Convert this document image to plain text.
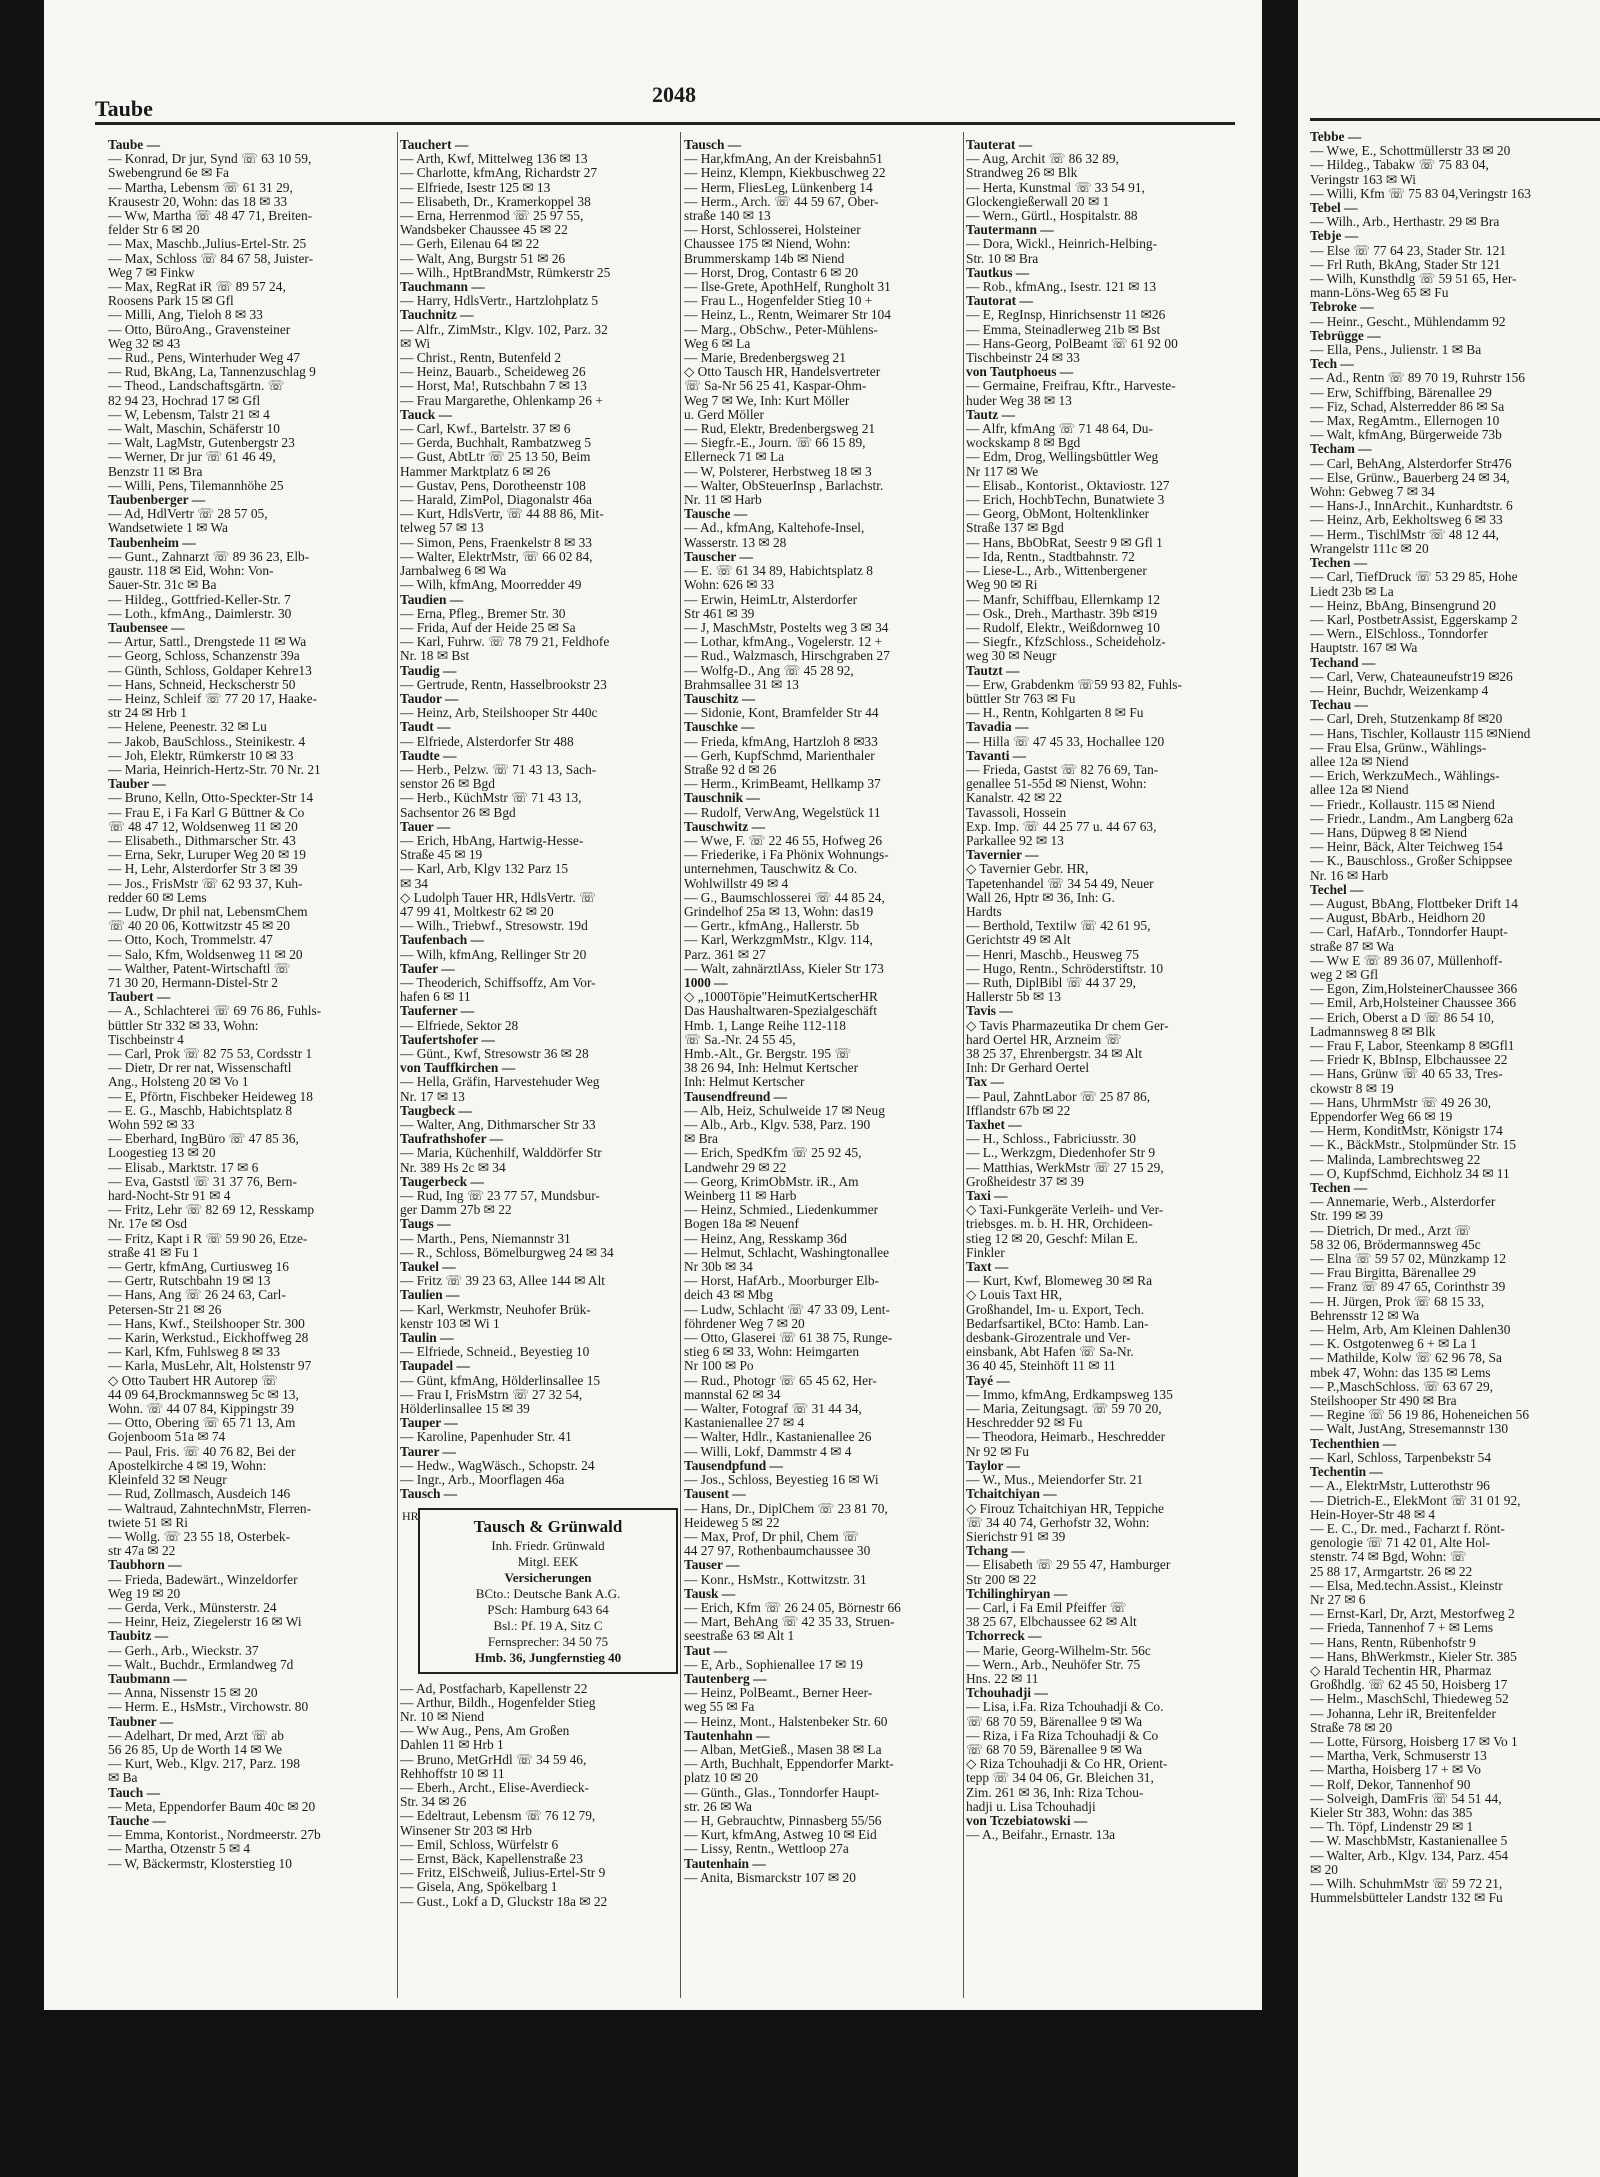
Taube
2048
Taube —
— Konrad, Dr jur, Synd ☏ 63 10 59,
Swebengrund 6e ✉ Fa
— Martha, Lebensm ☏ 61 31 29,
Krausestr 20, Wohn: das 18 ✉ 33
— Ww, Martha ☏ 48 47 71, Breiten-
felder Str 6 ✉ 20
— Max, Maschb.,Julius-Ertel-Str. 25
— Max, Schloss ☏ 84 67 58, Juister-
Weg 7 ✉ Finkw
— Max, RegRat iR ☏ 89 57 24,
Roosens Park 15 ✉ Gfl
— Milli, Ang, Tieloh 8 ✉ 33
— Otto, BüroAng., Gravensteiner
Weg 32 ✉ 43
— Rud., Pens, Winterhuder Weg 47
— Rud, BkAng, La, Tannenzuschlag 9
— Theod., Landschaftsgärtn. ☏
82 94 23, Hochrad 17 ✉ Gfl
— W, Lebensm, Talstr 21 ✉ 4
— Walt, Maschin, Schäferstr 10
— Walt, LagMstr, Gutenbergstr 23
— Werner, Dr jur ☏ 61 46 49,
Benzstr 11 ✉ Bra
— Willi, Pens, Tilemannhöhe 25
Taubenberger —
— Ad, HdlVertr ☏ 28 57 05,
Wandsetwiete 1 ✉ Wa
Taubenheim —
— Gunt., Zahnarzt ☏ 89 36 23, Elb-
gaustr. 118 ✉ Eid, Wohn: Von-
Sauer-Str. 31c ✉ Ba
— Hildeg., Gottfried-Keller-Str. 7
— Loth., kfmAng., Daimlerstr. 30
Taubensee —
— Artur, Sattl., Drengstede 11 ✉ Wa
— Georg, Schloss, Schanzenstr 39a
— Günth, Schloss, Goldaper Kehre13
— Hans, Schneid, Heckscherstr 50
— Heinz, Schleif ☏ 77 20 17, Haake-
str 24 ✉ Hrb 1
— Helene, Peenestr. 32 ✉ Lu
— Jakob, BauSchloss., Steinikestr. 4
— Joh, Elektr, Rümkerstr 10 ✉ 33
— Maria, Heinrich-Hertz-Str. 70 Nr. 21
Tauber —
— Bruno, Kelln, Otto-Speckter-Str 14
— Frau E, i Fa Karl G Büttner & Co
☏ 48 47 12, Woldsenweg 11 ✉ 20
— Elisabeth., Dithmarscher Str. 43
— Erna, Sekr, Luruper Weg 20 ✉ 19
— H, Lehr, Alsterdorfer Str 3 ✉ 39
— Jos., FrisMstr ☏ 62 93 37, Kuh-
redder 60 ✉ Lems
— Ludw, Dr phil nat, LebensmChem
☏ 40 20 06, Kottwitzstr 45 ✉ 20
— Otto, Koch, Trommelstr. 47
— Salo, Kfm, Woldsenweg 11 ✉ 20
— Walther, Patent-Wirtschaftl ☏
71 30 20, Hermann-Distel-Str 2
Taubert —
— A., Schlachterei ☏ 69 76 86, Fuhls-
büttler Str 332 ✉ 33, Wohn:
Tischbeinstr 4
— Carl, Prok ☏ 82 75 53, Cordsstr 1
— Dietr, Dr rer nat, Wissenschaftl
Ang., Holsteng 20 ✉ Vo 1
— E, Pförtn, Fischbeker Heideweg 18
— E. G., Maschb, Habichtsplatz 8
Wohn 592 ✉ 33
— Eberhard, IngBüro ☏ 47 85 36,
Loogestieg 13 ✉ 20
— Elisab., Marktstr. 17 ✉ 6
— Eva, Gaststl ☏ 31 37 76, Bern-
hard-Nocht-Str 91 ✉ 4
— Fritz, Lehr ☏ 82 69 12, Resskamp
Nr. 17e ✉ Osd
— Fritz, Kapt i R ☏ 59 90 26, Etze-
straße 41 ✉ Fu 1
— Gertr, kfmAng, Curtiusweg 16
— Gertr, Rutschbahn 19 ✉ 13
— Hans, Ang ☏ 26 24 63, Carl-
Petersen-Str 21 ✉ 26
— Hans, Kwf., Steilshooper Str. 300
— Karin, Werkstud., Eickhoffweg 28
— Karl, Kfm, Fuhlsweg 8 ✉ 33
— Karla, MusLehr, Alt, Holstenstr 97
◇ Otto Taubert HR Autorep ☏
44 09 64,Brockmannsweg 5c ✉ 13,
Wohn. ☏ 44 07 84, Kippingstr 39
— Otto, Obering ☏ 65 71 13, Am
Gojenboom 51a ✉ 74
— Paul, Fris. ☏ 40 76 82, Bei der
Apostelkirche 4 ✉ 19, Wohn:
Kleinfeld 32 ✉ Neugr
— Rud, Zollmasch, Ausdeich 146
— Waltraud, ZahntechnMstr, Flerren-
twiete 51 ✉ Ri
— Wollg. ☏ 23 55 18, Osterbek-
str 47a ✉ 22
Taubhorn —
— Frieda, Badewärt., Winzeldorfer
Weg 19 ✉ 20
— Gerda, Verk., Münsterstr. 24
— Heinr, Heiz, Ziegelerstr 16 ✉ Wi
Taubitz —
— Gerh., Arb., Wieckstr. 37
— Walt., Buchdr., Ermlandweg 7d
Taubmann —
— Anna, Nissenstr 15 ✉ 20
— Herm. E., HsMstr., Virchowstr. 80
Taubner —
— Adelhart, Dr med, Arzt ☏ ab
56 26 85, Up de Worth 14 ✉ We
— Kurt, Web., Klgv. 217, Parz. 198
✉ Ba
Tauch —
— Meta, Eppendorfer Baum 40c ✉ 20
Tauche —
— Emma, Kontorist., Nordmeerstr. 27b
— Martha, Otzenstr 5 ✉ 4
— W, Bäckermstr, Klosterstieg 10
Tauchert —
— Arth, Kwf, Mittelweg 136 ✉ 13
— Charlotte, kfmAng, Richardstr 27
— Elfriede, Isestr 125 ✉ 13
— Elisabeth, Dr., Kramerkoppel 38
— Erna, Herrenmod ☏ 25 97 55,
Wandsbeker Chaussee 45 ✉ 22
— Gerh, Eilenau 64 ✉ 22
— Walt, Ang, Burgstr 51 ✉ 26
— Wilh., HptBrandMstr, Rümkerstr 25
Tauchmann —
— Harry, HdlsVertr., Hartzlohplatz 5
Tauchnitz —
— Alfr., ZimMstr., Klgv. 102, Parz. 32
✉ Wi
— Christ., Rentn, Butenfeld 2
— Heinz, Bauarb., Scheideweg 26
— Horst, Ma!, Rutschbahn 7 ✉ 13
— Frau Margarethe, Ohlenkamp 26 +
Tauck —
— Carl, Kwf., Bartelstr. 37 ✉ 6
— Gerda, Buchhalt, Rambatzweg 5
— Gust, AbtLtr ☏ 25 13 50, Beim
Hammer Marktplatz 6 ✉ 26
— Gustav, Pens, Dorotheenstr 108
— Harald, ZimPol, Diagonalstr 46a
— Kurt, HdlsVertr, ☏ 44 88 86, Mit-
telweg 57 ✉ 13
— Simon, Pens, Fraenkelstr 8 ✉ 33
— Walter, ElektrMstr, ☏ 66 02 84,
Jarnbalweg 6 ✉ Wa
— Wilh, kfmAng, Moorredder 49
Taudien —
— Erna, Pfleg., Bremer Str. 30
— Frida, Auf der Heide 25 ✉ Sa
— Karl, Fuhrw. ☏ 78 79 21, Feldhofe
Nr. 18 ✉ Bst
Taudig —
— Gertrude, Rentn, Hasselbrookstr 23
Taudor —
— Heinz, Arb, Steilshooper Str 440c
Taudt —
— Elfriede, Alsterdorfer Str 488
Taudte —
— Herb., Pelzw. ☏ 71 43 13, Sach-
senstor 26 ✉ Bgd
— Herb., KüchMstr ☏ 71 43 13,
Sachsentor 26 ✉ Bgd
Tauer —
— Erich, HbAng, Hartwig-Hesse-
Straße 45 ✉ 19
— Karl, Arb, Klgv 132 Parz 15
✉ 34
◇ Ludolph Tauer HR, HdlsVertr. ☏
47 99 41, Moltkestr 62 ✉ 20
— Wilh., Triebwf., Stresowstr. 19d
Taufenbach —
— Wilh, kfmAng, Rellinger Str 20
Taufer —
— Theoderich, Schiffsoffz, Am Vor-
hafen 6 ✉ 11
Tauferner —
— Elfriede, Sektor 28
Taufertshofer —
— Günt., Kwf, Stresowstr 36 ✉ 28
von Tauffkirchen —
— Hella, Gräfin, Harvestehuder Weg
Nr. 17 ✉ 13
Taugbeck —
— Walter, Ang, Dithmarscher Str 33
Taufrathshofer —
— Maria, Küchenhilf, Walddörfer Str
Nr. 389 Hs 2c ✉ 34
Taugerbeck —
— Rud, Ing ☏ 23 77 57, Mundsbur-
ger Damm 27b ✉ 22
Taugs —
— Marth., Pens, Niemannstr 31
— R., Schloss, Bömelburgweg 24 ✉ 34
Taukel —
— Fritz ☏ 39 23 63, Allee 144 ✉ Alt
Taulien —
— Karl, Werkmstr, Neuhofer Brük-
kenstr 103 ✉ Wi 1
Taulin —
— Elfriede, Schneid., Beyestieg 10
Taupadel —
— Günt, kfmAng, Hölderlinsallee 15
— Frau I, FrisMstrn ☏ 27 32 54,
Hölderlinsallee 15 ✉ 39
Tauper —
— Karoline, Papenhuder Str. 41
Taurer —
— Hedw., WagWäsch., Schopstr. 24
— Ingr., Arb., Moorflagen 46a
Tausch —
HR
Tausch & Grünwald
Inh. Friedr. Grünwald
Mitgl. EEK
Versicherungen
BCto.: Deutsche Bank A.G.
PSch: Hamburg 643 64
Bsl.: Pf. 19 A, Sitz C
Fernsprecher: 34 50 75
Hmb. 36, Jungfernstieg 40
— Ad, Postfacharb, Kapellenstr 22
— Arthur, Bildh., Hogenfelder Stieg
Nr. 10 ✉ Niend
— Ww Aug., Pens, Am Großen
Dahlen 11 ✉ Hrb 1
— Bruno, MetGrHdl ☏ 34 59 46,
Rehhoffstr 10 ✉ 11
— Eberh., Archt., Elise-Averdieck-
Str. 34 ✉ 26
— Edeltraut, Lebensm ☏ 76 12 79,
Winsener Str 203 ✉ Hrb
— Emil, Schloss, Würfelstr 6
— Ernst, Bäck, Kapellenstraße 23
— Fritz, ElSchweiß, Julius-Ertel-Str 9
— Gisela, Ang, Spökelbarg 1
— Gust., Lokf a D, Gluckstr 18a ✉ 22
Tausch —
— Har,kfmAng, An der Kreisbahn51
— Heinz, Klempn, Kiekbuschweg 22
— Herm, FliesLeg, Lünkenberg 14
— Herm., Arch. ☏ 44 59 67, Ober-
straße 140 ✉ 13
— Horst, Schlosserei, Holsteiner
Chaussee 175 ✉ Niend, Wohn:
Brummerskamp 14b ✉ Niend
— Horst, Drog, Contastr 6 ✉ 20
— Ilse-Grete, ApothHelf, Rungholt 31
— Frau L., Hogenfelder Stieg 10 +
— Heinz, L., Rentn, Weimarer Str 104
— Marg., ObSchw., Peter-Mühlens-
Weg 6 ✉ La
— Marie, Bredenbergsweg 21
◇ Otto Tausch HR, Handelsvertreter
☏ Sa-Nr 56 25 41, Kaspar-Ohm-
Weg 7 ✉ We, Inh: Kurt Möller
u. Gerd Möller
— Rud, Elektr, Bredenbergsweg 21
— Siegfr.-E., Journ. ☏ 66 15 89,
Ellerneck 71 ✉ La
— W, Polsterer, Herbstweg 18 ✉ 3
— Walter, ObSteuerInsp , Barlachstr.
Nr. 11 ✉ Harb
Tausche —
— Ad., kfmAng, Kaltehofe-Insel,
Wasserstr. 13 ✉ 28
Tauscher —
— E. ☏ 61 34 89, Habichtsplatz 8
Wohn: 626 ✉ 33
— Erwin, HeimLtr, Alsterdorfer
Str 461 ✉ 39
— J, MaschMstr, Postelts weg 3 ✉ 34
— Lothar, kfmAng., Vogelerstr. 12 +
— Rud., Walzmasch, Hirschgraben 27
— Wolfg-D., Ang ☏ 45 28 92,
Brahmsallee 31 ✉ 13
Tauschitz —
— Sidonie, Kont, Bramfelder Str 44
Tauschke —
— Frieda, kfmAng, Hartzloh 8 ✉33
— Gerh, KupfSchmd, Marienthaler
Straße 92 d ✉ 26
— Herm., KrimBeamt, Hellkamp 37
Tauschnik —
— Rudolf, VerwAng, Wegelstück 11
Tauschwitz —
— Wwe, F. ☏ 22 46 55, Hofweg 26
— Friederike, i Fa Phönix Wohnungs-
unternehmen, Tauschwitz & Co.
Wohlwillstr 49 ✉ 4
— G., Baumschlosserei ☏ 44 85 24,
Grindelhof 25a ✉ 13, Wohn: das19
— Gertr., kfmAng., Hallerstr. 5b
— Karl, WerkzgmMstr., Klgv. 114,
Parz. 361 ✉ 27
— Walt, zahnärztlAss, Kieler Str 173
1000 —
◇ „1000Töpie"HeimutKertscherHR
Das Haushaltwaren-Spezialgeschäft
Hmb. 1, Lange Reihe 112-118
☏ Sa.-Nr. 24 55 45,
Hmb.-Alt., Gr. Bergstr. 195 ☏
38 26 94, Inh: Helmut Kertscher
Inh: Helmut Kertscher
Tausendfreund —
— Alb, Heiz, Schulweide 17 ✉ Neug
— Alb., Arb., Klgv. 538, Parz. 190
✉ Bra
— Erich, SpedKfm ☏ 25 92 45,
Landwehr 29 ✉ 22
— Georg, KrimObMstr. iR., Am
Weinberg 11 ✉ Harb
— Heinz, Schmied., Liedenkummer
Bogen 18a ✉ Neuenf
— Heinz, Ang, Resskamp 36d
— Helmut, Schlacht, Washingtonallee
Nr 30b ✉ 34
— Horst, HafArb., Moorburger Elb-
deich 43 ✉ Mbg
— Ludw, Schlacht ☏ 47 33 09, Lent-
föhrdener Weg 7 ✉ 20
— Otto, Glaserei ☏ 61 38 75, Runge-
stieg 6 ✉ 33, Wohn: Heimgarten
Nr 100 ✉ Po
— Rud., Photogr ☏ 65 45 62, Her-
mannstal 62 ✉ 34
— Walter, Fotograf ☏ 31 44 34,
Kastanienallee 27 ✉ 4
— Walter, Hdlr., Kastanienallee 26
— Willi, Lokf, Dammstr 4 ✉ 4
Tausendpfund —
— Jos., Schloss, Beyestieg 16 ✉ Wi
Tausent —
— Hans, Dr., DiplChem ☏ 23 81 70,
Heideweg 5 ✉ 22
— Max, Prof, Dr phil, Chem ☏
44 27 97, Rothenbaumchaussee 30
Tauser —
— Konr., HsMstr., Kottwitzstr. 31
Tausk —
— Erich, Kfm ☏ 26 24 05, Börnestr 66
— Mart, BehAng ☏ 42 35 33, Struen-
seestraße 63 ✉ Alt 1
Taut —
— E, Arb., Sophienallee 17 ✉ 19
Tautenberg —
— Heinz, PolBeamt., Berner Heer-
weg 55 ✉ Fa
— Heinz, Mont., Halstenbeker Str. 60
Tautenhahn —
— Alban, MetGieß., Masen 38 ✉ La
— Arth, Buchhalt, Eppendorfer Markt-
platz 10 ✉ 20
— Günth., Glas., Tonndorfer Haupt-
str. 26 ✉ Wa
— H, Gebrauchtw, Pinnasberg 55/56
— Kurt, kfmAng, Astweg 10 ✉ Eid
— Lissy, Rentn., Wettloop 27a
Tautenhain —
— Anita, Bismarckstr 107 ✉ 20
Tauterat —
— Aug, Archit ☏ 86 32 89,
Strandweg 26 ✉ Blk
— Herta, Kunstmal ☏ 33 54 91,
Glockengießerwall 20 ✉ 1
— Wern., Gürtl., Hospitalstr. 88
Tautermann —
— Dora, Wickl., Heinrich-Helbing-
Str. 10 ✉ Bra
Tautkus —
— Rob., kfmAng., Isestr. 121 ✉ 13
Tautorat —
— E, RegInsp, Hinrichsenstr 11 ✉26
— Emma, Steinadlerweg 21b ✉ Bst
— Hans-Georg, PolBeamt ☏ 61 92 00
Tischbeinstr 24 ✉ 33
von Tautphoeus —
— Germaine, Freifrau, Kftr., Harveste-
huder Weg 38 ✉ 13
Tautz —
— Alfr, kfmAng ☏ 71 48 64, Du-
wockskamp 8 ✉ Bgd
— Edm, Drog, Wellingsbüttler Weg
Nr 117 ✉ We
— Elisab., Kontorist., Oktaviostr. 127
— Erich, HochbTechn, Bunatwiete 3
— Georg, ObMont, Holtenklinker
Straße 137 ✉ Bgd
— Hans, BbObRat, Seestr 9 ✉ Gfl 1
— Ida, Rentn., Stadtbahnstr. 72
— Liese-L., Arb., Wittenbergener
Weg 90 ✉ Ri
— Manfr, Schiffbau, Ellernkamp 12
— Osk., Dreh., Marthastr. 39b ✉19
— Rudolf, Elektr., Weißdornweg 10
— Siegfr., KfzSchloss., Scheideholz-
weg 30 ✉ Neugr
Tautzt —
— Erw, Grabdenkm ☏59 93 82, Fuhls-
büttler Str 763 ✉ Fu
— H., Rentn, Kohlgarten 8 ✉ Fu
Tavadia —
— Hilla ☏ 47 45 33, Hochallee 120
Tavanti —
— Frieda, Gastst ☏ 82 76 69, Tan-
genallee 51-55d ✉ Nienst, Wohn:
Kanalstr. 42 ✉ 22
Tavassoli, Hossein
Exp. Imp. ☏ 44 25 77 u. 44 67 63,
Parkallee 92 ✉ 13
Tavernier —
◇ Tavernier Gebr. HR,
Tapetenhandel ☏ 34 54 49, Neuer
Wall 26, Hptr ✉ 36, Inh: G.
Hardts
— Berthold, Textilw ☏ 42 61 95,
Gerichtstr 49 ✉ Alt
— Henri, Maschb., Heusweg 75
— Hugo, Rentn., Schröderstiftstr. 10
— Ruth, DiplBibl ☏ 44 37 29,
Hallerstr 5b ✉ 13
Tavis —
◇ Tavis Pharmazeutika Dr chem Ger-
hard Oertel HR, Arzneim ☏
38 25 37, Ehrenbergstr. 34 ✉ Alt
Inh: Dr Gerhard Oertel
Tax —
— Paul, ZahntLabor ☏ 25 87 86,
Ifflandstr 67b ✉ 22
Taxhet —
— H., Schloss., Fabriciusstr. 30
— L., Werkzgm, Diedenhofer Str 9
— Matthias, WerkMstr ☏ 27 15 29,
Großheidestr 37 ✉ 39
Taxi —
◇ Taxi-Funkgeräte Verleih- und Ver-
triebsges. m. b. H. HR, Orchideen-
stieg 12 ✉ 20, Geschf: Milan E.
Finkler
Taxt —
— Kurt, Kwf, Blomeweg 30 ✉ Ra
◇ Louis Taxt HR,
Großhandel, Im- u. Export, Tech.
Bedarfsartikel, BCto: Hamb. Lan-
desbank-Girozentrale und Ver-
einsbank, Abt Hafen ☏ Sa-Nr.
36 40 45, Steinhöft 11 ✉ 11
Tayé —
— Immo, kfmAng, Erdkampsweg 135
— Maria, Zeitungsagt. ☏ 59 70 20,
Heschredder 92 ✉ Fu
— Theodora, Heimarb., Heschredder
Nr 92 ✉ Fu
Taylor —
— W., Mus., Meiendorfer Str. 21
Tchaitchiyan —
◇ Firouz Tchaitchiyan HR, Teppiche
☏ 34 40 74, Gerhofstr 32, Wohn:
Sierichstr 91 ✉ 39
Tchang —
— Elisabeth ☏ 29 55 47, Hamburger
Str 200 ✉ 22
Tchilinghiryan —
— Carl, i Fa Emil Pfeiffer ☏
38 25 67, Elbchaussee 62 ✉ Alt
Tchorreck —
— Marie, Georg-Wilhelm-Str. 56c
— Wern., Arb., Neuhöfer Str. 75
Hns. 22 ✉ 11
Tchouhadji —
— Lisa, i.Fa. Riza Tchouhadji & Co.
☏ 68 70 59, Bärenallee 9 ✉ Wa
— Riza, i Fa Riza Tchouhadji & Co
☏ 68 70 59, Bärenallee 9 ✉ Wa
◇ Riza Tchouhadji & Co HR, Orient-
tepp ☏ 34 04 06, Gr. Bleichen 31,
Zim. 261 ✉ 36, Inh: Riza Tchou-
hadji u. Lisa Tchouhadji
von Tczebiatowski —
— A., Beifahr., Ernastr. 13a
Tebbe —
— Wwe, E., Schottmüllerstr 33 ✉ 20
— Hildeg., Tabakw ☏ 75 83 04,
Veringstr 163 ✉ Wi
— Willi, Kfm ☏ 75 83 04,Veringstr 163
Tebel —
— Wilh., Arb., Herthastr. 29 ✉ Bra
Tebje —
— Else ☏ 77 64 23, Stader Str. 121
— Frl Ruth, BkAng, Stader Str 121
— Wilh, Kunsthdlg ☏ 59 51 65, Her-
mann-Löns-Weg 65 ✉ Fu
Tebroke —
— Heinr., Gescht., Mühlendamm 92
Tebrügge —
— Ella, Pens., Julienstr. 1 ✉ Ba
Tech —
— Ad., Rentn ☏ 89 70 19, Ruhrstr 156
— Erw, Schiffbing, Bärenallee 29
— Fiz, Schad, Alsterredder 86 ✉ Sa
— Max, RegAmtm., Ellernogen 10
— Walt, kfmAng, Bürgerweide 73b
Techam —
— Carl, BehAng, Alsterdorfer Str476
— Else, Grünw., Bauerberg 24 ✉ 34,
Wohn: Gebweg 7 ✉ 34
— Hans-J., InnArchit., Kunhardtstr. 6
— Heinz, Arb, Eekholtsweg 6 ✉ 33
— Herm., TischlMstr ☏ 48 12 44,
Wrangelstr 111c ✉ 20
Techen —
— Carl, TiefDruck ☏ 53 29 85, Hohe
Liedt 23b ✉ La
— Heinz, BbAng, Binsengrund 20
— Karl, PostbetrAssist, Eggerskamp 2
— Wern., ElSchloss., Tonndorfer
Hauptstr. 167 ✉ Wa
Techand —
— Carl, Verw, Chateauneufstr19 ✉26
— Heinr, Buchdr, Weizenkamp 4
Techau —
— Carl, Dreh, Stutzenkamp 8f ✉20
— Hans, Tischler, Kollaustr 115 ✉Niend
— Frau Elsa, Grünw., Wählings-
allee 12a ✉ Niend
— Erich, WerkzuMech., Wählings-
allee 12a ✉ Niend
— Friedr., Kollaustr. 115 ✉ Niend
— Friedr., Landm., Am Langberg 62a
— Hans, Düpweg 8 ✉ Niend
— Heinr, Bäck, Alter Teichweg 154
— K., Bauschloss., Großer Schippsee
Nr. 16 ✉ Harb
Techel —
— August, BbAng, Flottbeker Drift 14
— August, BbArb., Heidhorn 20
— Carl, HafArb., Tonndorfer Haupt-
straße 87 ✉ Wa
— Ww E ☏ 89 36 07, Müllenhoff-
weg 2 ✉ Gfl
— Egon, Zim,HolsteinerChaussee 366
— Emil, Arb,Holsteiner Chaussee 366
— Erich, Oberst a D ☏ 86 54 10,
Ladmannsweg 8 ✉ Blk
— Frau F, Labor, Steenkamp 8 ✉Gfl1
— Friedr K, BbInsp, Elbchaussee 22
— Hans, Grünw ☏ 40 65 33, Tres-
ckowstr 8 ✉ 19
— Hans, UhrmMstr ☏ 49 26 30,
Eppendorfer Weg 66 ✉ 19
— Herm, KonditMstr, Königstr 174
— K., BäckMstr., Stolpmünder Str. 15
— Malinda, Lambrechtsweg 22
— O, KupfSchmd, Eichholz 34 ✉ 11
Techen —
— Annemarie, Werb., Alsterdorfer
Str. 199 ✉ 39
— Dietrich, Dr med., Arzt ☏
58 32 06, Brödermannsweg 45c
— Elna ☏ 59 57 02, Münzkamp 12
— Frau Birgitta, Bärenallee 29
— Franz ☏ 89 47 65, Corinthstr 39
— H. Jürgen, Prok ☏ 68 15 33,
Behrensstr 12 ✉ Wa
— Helm, Arb, Am Kleinen Dahlen30
— K. Ostgotenweg 6 + ✉ La 1
— Mathilde, Kolw ☏ 62 96 78, Sa
mbek 47, Wohn: das 135 ✉ Lems
— P.,MaschSchloss. ☏ 63 67 29,
Steilshooper Str 490 ✉ Bra
— Regine ☏ 56 19 86, Hoheneichen 56
— Walt, JustAng, Stresemannstr 130
Techenthien —
— Karl, Schloss, Tarpenbekstr 54
Techentin —
— A., ElektrMstr, Lutterothstr 96
— Dietrich-E., ElekMont ☏ 31 01 92,
Hein-Hoyer-Str 48 ✉ 4
— E. C., Dr. med., Facharzt f. Rönt-
genologie ☏ 71 42 01, Alte Hol-
stenstr. 74 ✉ Bgd, Wohn: ☏
25 88 17, Armgartstr. 26 ✉ 22
— Elsa, Med.techn.Assist., Kleinstr
Nr 27 ✉ 6
— Ernst-Karl, Dr, Arzt, Mestorfweg 2
— Frieda, Tannenhof 7 + ✉ Lems
— Hans, Rentn, Rübenhofstr 9
— Hans, BhWerkmstr., Kieler Str. 385
◇ Harald Techentin HR, Pharmaz
Großhdlg. ☏ 62 45 50, Hoisberg 17
— Helm., MaschSchl, Thiedeweg 52
— Johanna, Lehr iR, Breitenfelder
Straße 78 ✉ 20
— Lotte, Fürsorg, Hoisberg 17 ✉ Vo 1
— Martha, Verk, Schmuserstr 13
— Martha, Hoisberg 17 + ✉ Vo
— Rolf, Dekor, Tannenhof 90
— Solveigh, DamFris ☏ 54 51 44,
Kieler Str 383, Wohn: das 385
— Th. Töpf, Lindenstr 29 ✉ 1
— W. MaschbMstr, Kastanienallee 5
— Walter, Arb., Klgv. 134, Parz. 454
✉ 20
— Wilh. SchuhmMstr ☏ 59 72 21,
Hummelsbütteler Landstr 132 ✉ Fu
